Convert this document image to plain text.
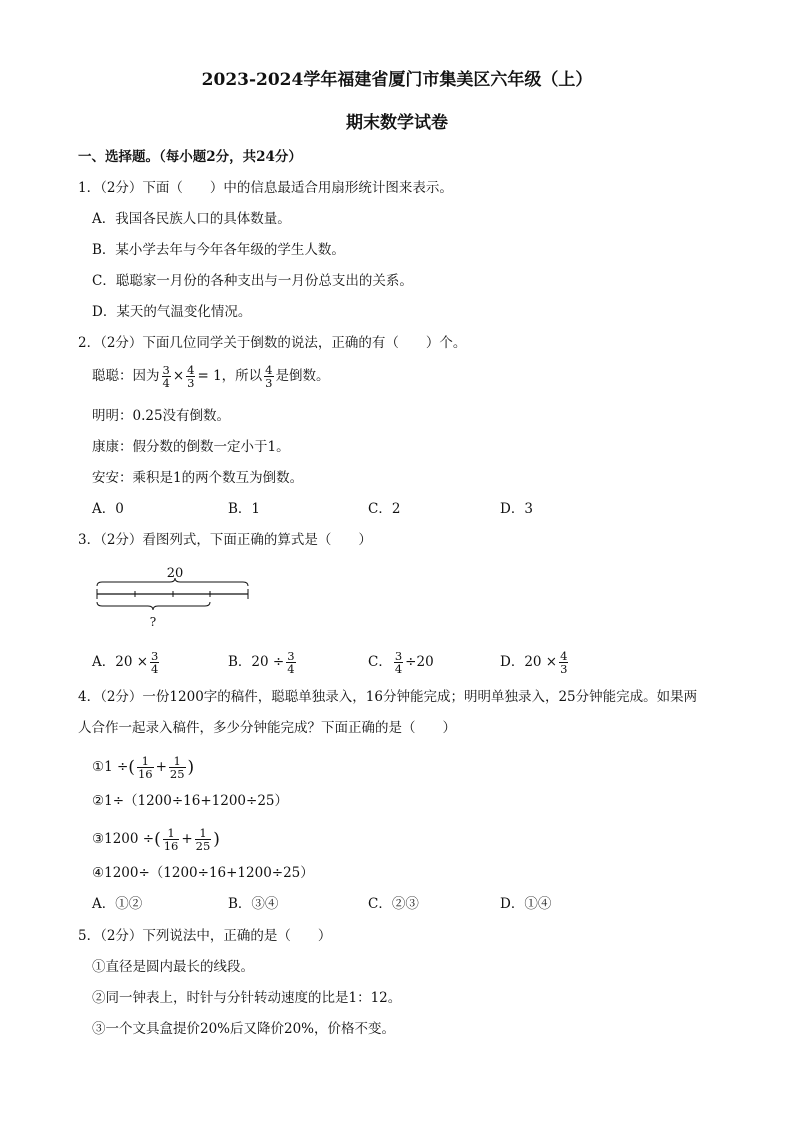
2023-2024学年福建省厦门市集美区六年级（上）
期末数学试卷
一、选择题。（每小题2分，共24分）
1．（2分）下面（　　）中的信息最适合用扇形统计图来表示。
A．我国各民族人口的具体数量。
B．某小学去年与今年各年级的学生人数。
C．聪聪家一月份的各种支出与一月份总支出的关系。
D．某天的气温变化情况。
2．（2分）下面几位同学关于倒数的说法，正确的有（　　）个。
聪聪：因为 $\frac{3}{4} \times \frac{4}{3} = 1$，所以 $\frac{4}{3}$ 是倒数。
明明：0.25没有倒数。
康康：假分数的倒数一定小于1。
安安：乘积是1的两个数互为倒数。
A．0	B．1	C．2	D．3
3．（2分）看图列式，下面正确的算式是（　　）
20
?
A．$20 \times \frac{3}{4}$	B．$20 \div \frac{3}{4}$	C． $\frac{3}{4} \div 20$	D．$20 \times \frac{4}{3}$
4．（2分）一份1200字的稿件，聪聪单独录入，16分钟能完成；明明单独录入，25分钟能完成。如果两
人合作一起录入稿件，多少分钟能完成？下面正确的是（　　）
①1 ÷( $\frac{1}{16} + \frac{1}{25}$ )
②1÷（1200÷16+1200÷25）
③1200 ÷( $\frac{1}{16} + \frac{1}{25}$ )
④1200÷（1200÷16+1200÷25）
A．①②	B．③④	C．②③	D．①④
5．（2分）下列说法中，正确的是（　　）
①直径是圆内最长的线段。
②同一钟表上，时针与分针转动速度的比是1：12。
③一个文具盒提价20%后又降价20%，价格不变。
